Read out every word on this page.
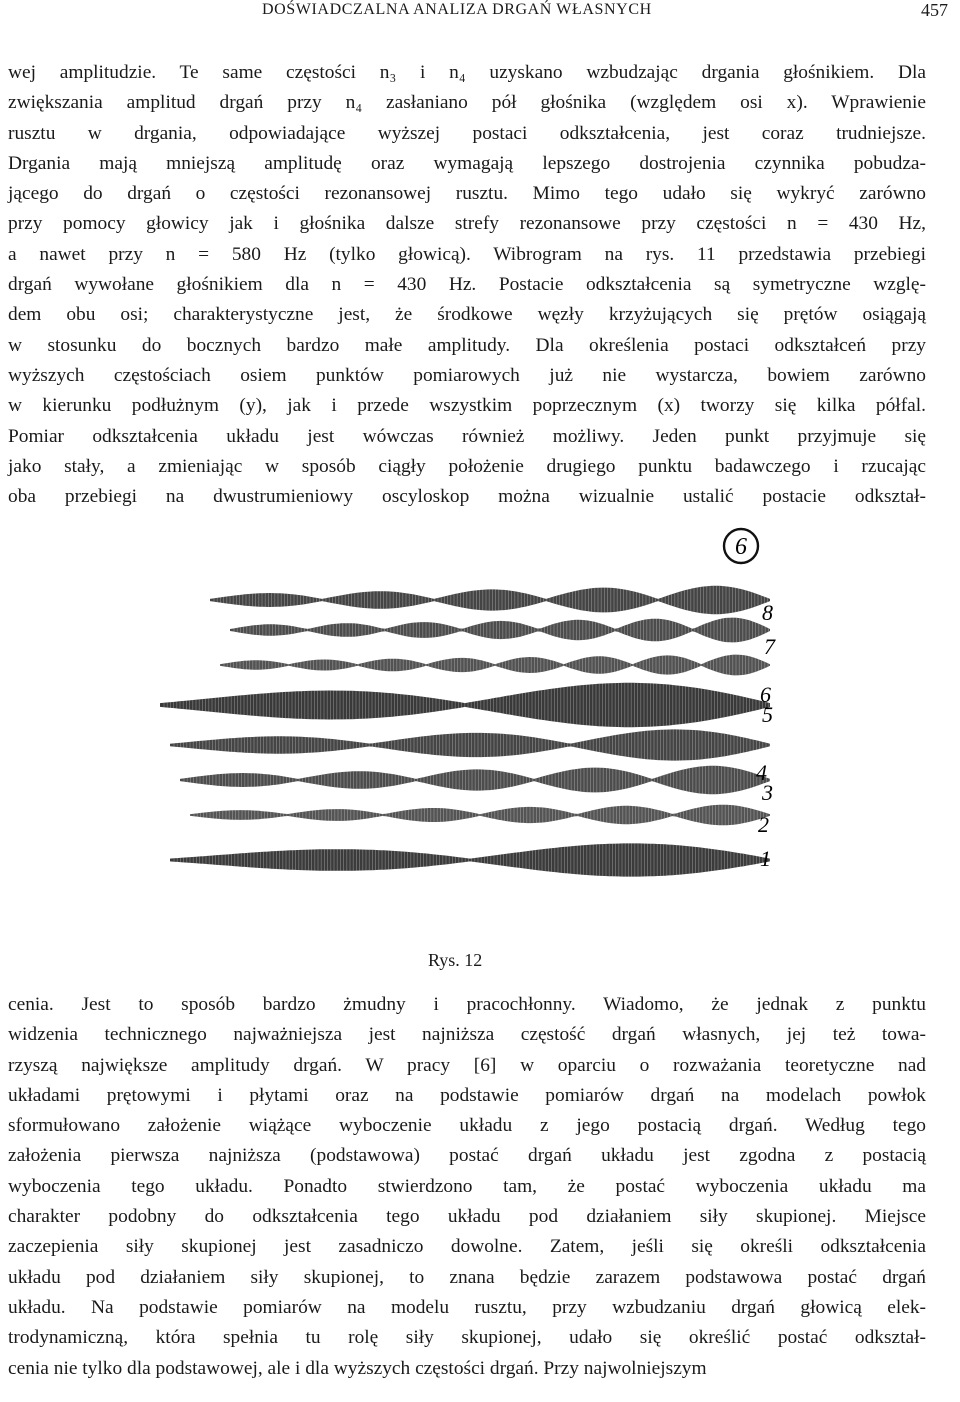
DOŚWIADCZALNA ANALIZA DRGAŃ WŁASNYCH	457
wej amplitudzie. Te same częstości n₃ i n₄ uzyskano wzbudzając drgania głośnikiem. Dla
zwiększania amplitud drgań przy n₄ zasłaniano pół głośnika (względem osi x). Wprawienie
rusztu w drgania, odpowiadające wyższej postaci odkształcenia, jest coraz trudniejsze.
Drgania mają mniejszą amplitudę oraz wymagają lepszego dostrojenia czynnika pobudza-
jącego do drgań o częstości rezonansowej rusztu. Mimo tego udało się wykryć zarówno
przy pomocy głowicy jak i głośnika dalsze strefy rezonansowe przy częstości n = 430 Hz,
a nawet przy n = 580 Hz (tylko głowicą). Wibrogram na rys. 11 przedstawia przebiegi
drgań wywołane głośnikiem dla n = 430 Hz. Postacie odkształcenia są symetryczne wzglę-
dem obu osi; charakterystyczne jest, że środkowe węzły krzyżujących się prętów osiągają
w stosunku do bocznych bardzo małe amplitudy. Dla określenia postaci odkształceń przy
wyższych częstościach osiem punktów pomiarowych już nie wystarcza, bowiem zarówno
w kierunku podłużnym (y), jak i przede wszystkim poprzecznym (x) tworzy się kilka półfal.
Pomiar odkształcenia układu jest wówczas również możliwy. Jeden punkt przyjmuje się
jako stały, a zmieniając w sposób ciągły położenie drugiego punktu badawczego i rzucając
oba przebiegi na dwustrumieniowy oscyloskop można wizualnie ustalić postacie odkształ-
6
8
7
6
5
4
3
2
1
Rys. 12
cenia. Jest to sposób bardzo żmudny i pracochłonny. Wiadomo, że jednak z punktu
widzenia technicznego najważniejsza jest najniższa częstość drgań własnych, jej też towa-
rzyszą największe amplitudy drgań. W pracy [6] w oparciu o rozważania teoretyczne nad
układami prętowymi i płytami oraz na podstawie pomiarów drgań na modelach powłok
sformułowano założenie wiążące wyboczenie układu z jego postacią drgań. Według tego
założenia pierwsza najniższa (podstawowa) postać drgań układu jest zgodna z postacią
wyboczenia tego układu. Ponadto stwierdzono tam, że postać wyboczenia układu ma
charakter podobny do odkształcenia tego układu pod działaniem siły skupionej. Miejsce
zaczepienia siły skupionej jest zasadniczo dowolne. Zatem, jeśli się określi odkształcenia
układu pod działaniem siły skupionej, to znana będzie zarazem podstawowa postać drgań
układu. Na podstawie pomiarów na modelu rusztu, przy wzbudzaniu drgań głowicą elek-
trodynamiczną, która spełnia tu rolę siły skupionej, udało się określić postać odkształ-
cenia nie tylko dla podstawowej, ale i dla wyższych częstości drgań. Przy najwolniejszym
